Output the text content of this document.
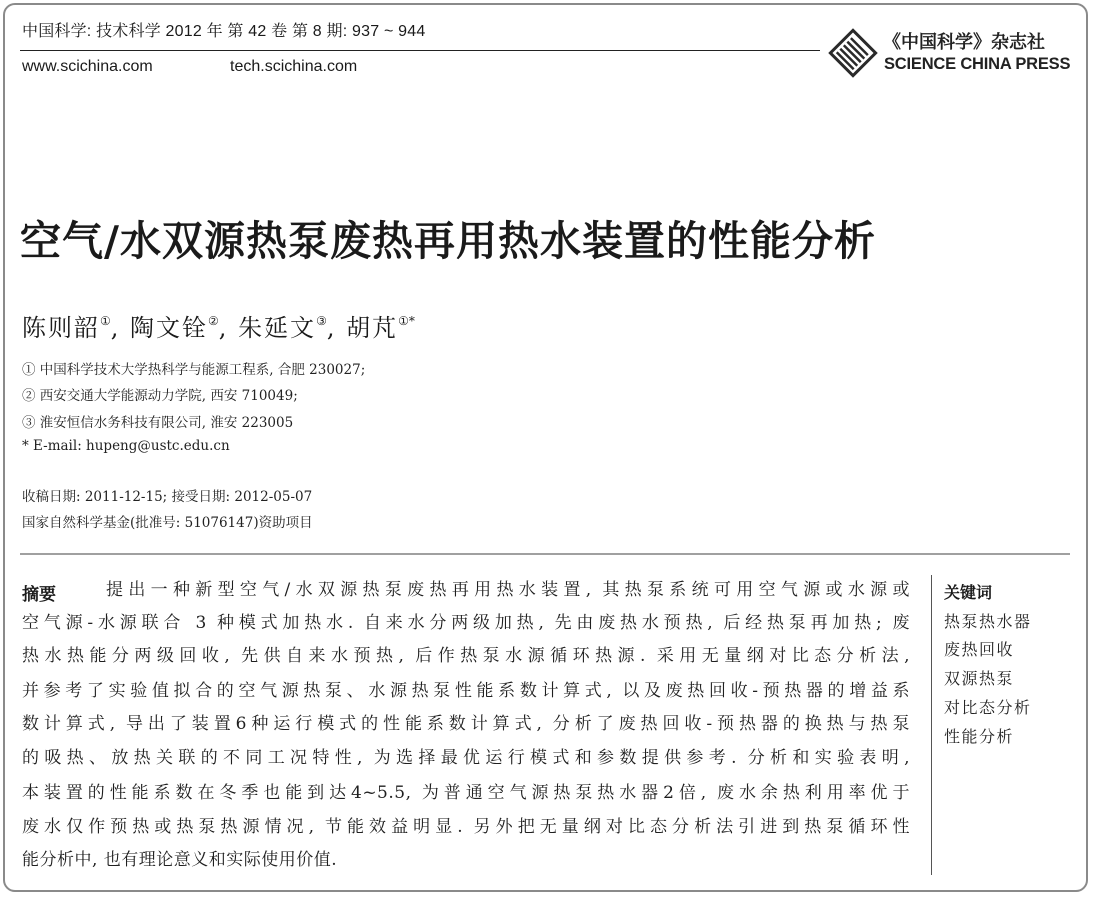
中国科学: 技术科学 2012 年 第 42 卷 第 8 期: 937 ~ 944
www.scichina.com	tech.scichina.com
《中国科学》杂志社
SCIENCE CHINA PRESS
空气/水双源热泵废热再用热水装置的性能分析
陈则韶①, 陶文铨②, 朱延文③, 胡芃①*
① 中国科学技术大学热科学与能源工程系, 合肥 230027;
② 西安交通大学能源动力学院, 西安 710049;
③ 淮安恒信水务科技有限公司, 淮安 223005
* E-mail: hupeng@ustc.edu.cn
收稿日期: 2011-12-15; 接受日期: 2012-05-07
国家自然科学基金(批准号: 51076147)资助项目
摘要	提出一种新型空气/水双源热泵废热再用热水装置, 其热泵系统可用空气源或水源或
空气源-水源联合 3 种模式加热水. 自来水分两级加热, 先由废热水预热, 后经热泵再加热; 废
热水热能分两级回收, 先供自来水预热, 后作热泵水源循环热源. 采用无量纲对比态分析法,
并参考了实验值拟合的空气源热泵、水源热泵性能系数计算式, 以及废热回收-预热器的增益系
数计算式, 导出了装置6种运行模式的性能系数计算式, 分析了废热回收-预热器的换热与热泵
的吸热、放热关联的不同工况特性, 为选择最优运行模式和参数提供参考. 分析和实验表明,
本装置的性能系数在冬季也能到达4~5.5, 为普通空气源热泵热水器2倍, 废水余热利用率优于
废水仅作预热或热泵热源情况, 节能效益明显. 另外把无量纲对比态分析法引进到热泵循环性
能分析中, 也有理论意义和实际使用价值.
关键词
热泵热水器
废热回收
双源热泵
对比态分析
性能分析
